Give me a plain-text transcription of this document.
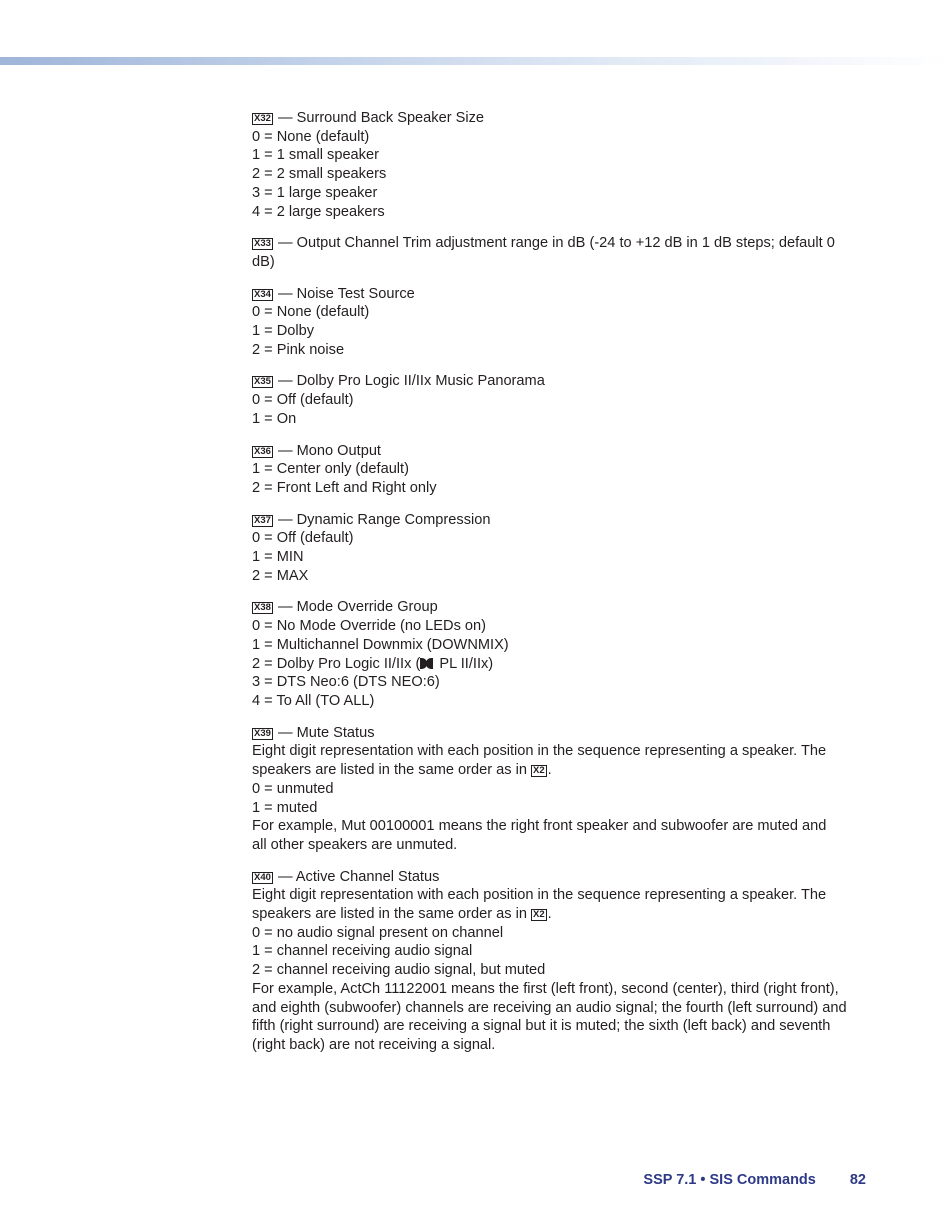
X32 — Surround Back Speaker Size
0 = None (default)
1 = 1 small speaker
2 = 2 small speakers
3 = 1 large speaker
4 = 2 large speakers
X33 — Output Channel Trim adjustment range in dB (-24 to +12 dB in 1 dB steps; default 0
dB)
X34 — Noise Test Source
0 = None (default)
1 = Dolby
2 = Pink noise
X35 — Dolby Pro Logic II/IIx Music Panorama
0 = Off (default)
1 = On
X36 — Mono Output
1 = Center only (default)
2 = Front Left and Right only
X37 — Dynamic Range Compression
0 = Off (default)
1 = MIN
2 = MAX
X38 — Mode Override Group
0 = No Mode Override (no LEDs on)
1 = Multichannel Downmix (DOWNMIX)
2 = Dolby Pro Logic II/IIx ( PL II/IIx)
3 = DTS Neo:6 (DTS NEO:6)
4 = To All (TO ALL)
X39 — Mute Status
Eight digit representation with each position in the sequence representing a speaker. The
speakers are listed in the same order as in X2 .
0 = unmuted
1 = muted
For example, Mut 00100001 means the right front speaker and subwoofer are muted and
all other speakers are unmuted.
X40 — Active Channel Status
Eight digit representation with each position in the sequence representing a speaker. The
speakers are listed in the same order as in X2 .
0 = no audio signal present on channel
1 = channel receiving audio signal
2 = channel receiving audio signal, but muted
For example, ActCh 11122001 means the first (left front), second (center), third (right front),
and eighth (subwoofer) channels are receiving an audio signal; the fourth (left surround) and
fifth (right surround) are receiving a signal but it is muted; the sixth (left back) and seventh
(right back) are not receiving a signal.
SSP 7.1 • SIS Commands 82
